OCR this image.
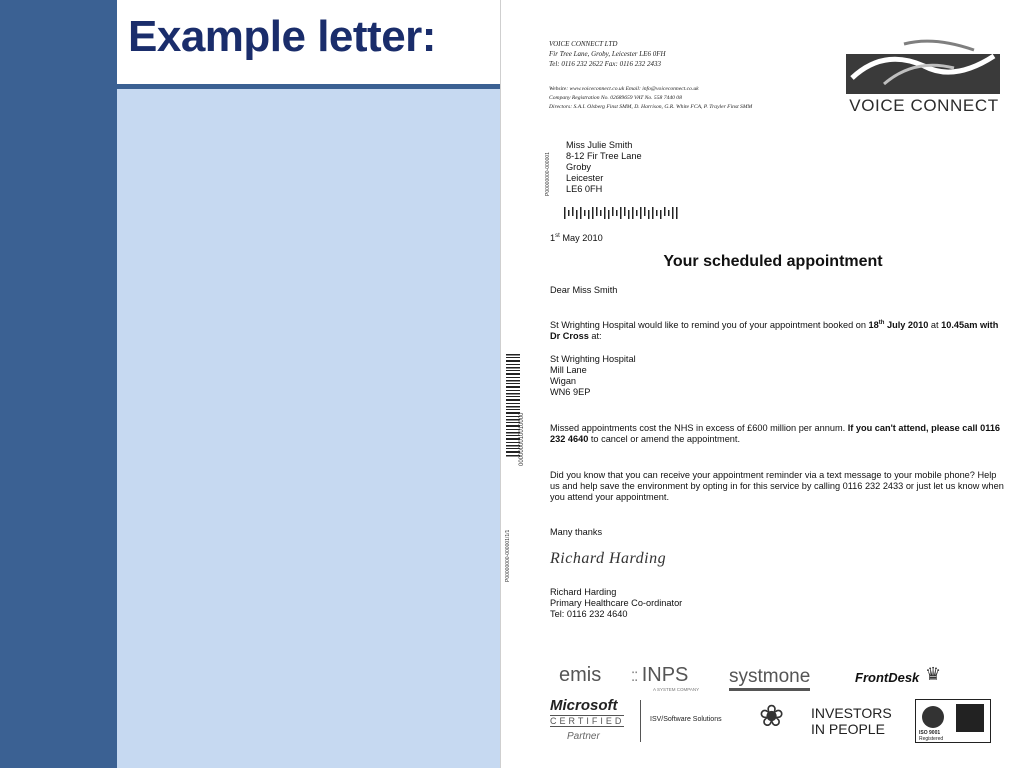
Example letter:	VOICE CONNECT LTD
Fir Tree Lane, Groby, Leicester LE6 0FH
Tel: 0116 232 2622 Fax: 0116 232 2433
Website: www.voiceconnect.co.uk Email: info@voiceconnect.co.uk
Company Registration No. 02689659 VAT No. 558 7440 08
Directors: S.A.I. Olsberg Finst SMM, D. Harrison, G.R. White FCA, P. Trayler Finst SMM	VOICE CONNECT
P00000000-000001
Miss Julie Smith
8-12 Fir Tree Lane
Groby
Leicester
LE6 0FH
1st May 2010
Your scheduled appointment
Dear Miss Smith
St Wrighting Hospital would like to remind you of your appointment booked on 18th July 2010 at 10.45am with Dr Cross at:
St Wrighting Hospital
Mill Lane
Wigan
WN6 9EP
Missed appointments cost the NHS in excess of £600 million per annum. If you can't attend, please call 0116 232 4640 to cancel or amend the appointment.
Did you know that you can receive your appointment reminder via a text message to your mobile phone? Help us and help save the environment by opting in for this service by calling 0116 232 2433 or just let us know when you attend your appointment.
Many thanks
Richard Harding
Richard Harding
Primary Healthcare Co-ordinator
Tel: 0116 232 4640
0000000010010000
P00000000-000001/1/1
emis ⁚⁚ INPS
A SYSTEM COMPANY
systmone	FrontDesk ♛
Microsoft
CERTIFIED
Partner
ISV/Software Solutions ❀ INVESTORS
IN PEOPLE	ISO 9001
Registered
